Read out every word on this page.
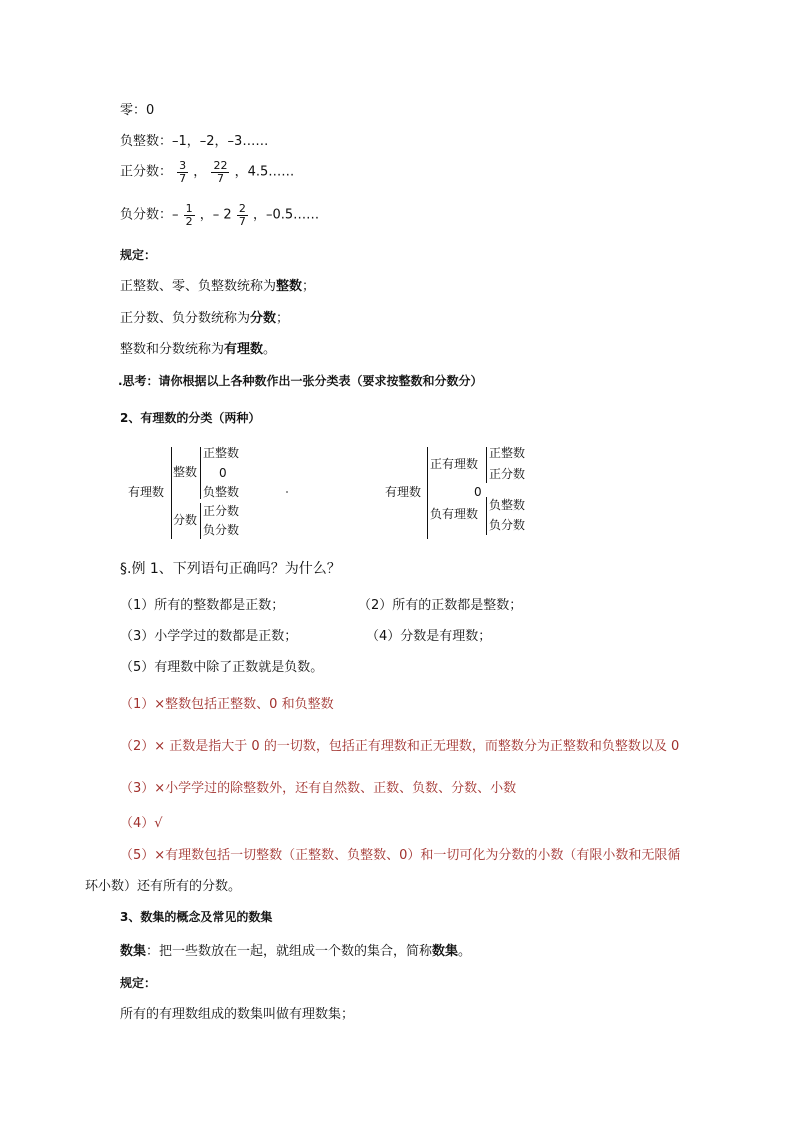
零：0
负整数：–1，–2，–3……
正分数： $\frac{3}{7}$ ， $\frac{22}{7}$ ，4.5……
负分数：– $\frac{1}{2}$ ，– $2 \frac{2}{7}$ ，–0.5……
规定：
正整数、零、负整数统称为整数；
正分数、负分数统称为分数；
整数和分数统称为有理数。
.思考：请你根据以上各种数作出一张分类表（要求按整数和分数分）
2、有理数的分类（两种）
有理数
整数
正整数
0
负整数
分数
正分数
负分数
有理数
正有理数
正整数
正分数
0
负有理数
负整数
负分数
§.例 1、下列语句正确吗？为什么？
（1）所有的整数都是正数；	（2）所有的正数都是整数；
（3）小学学过的数都是正数；	（4）分数是有理数；
（5）有理数中除了正数就是负数。
（1）×整数包括正整数、0 和负整数
（2）× 正数是指大于 0 的一切数，包括正有理数和正无理数，而整数分为正整数和负整数以及 0
（3）×小学学过的除整数外，还有自然数、正数、负数、分数、小数
（4）√
（5）×有理数包括一切整数（正整数、负整数、0）和一切可化为分数的小数（有限小数和无限循
环小数）还有所有的分数。
3、数集的概念及常见的数集
数集：把一些数放在一起，就组成一个数的集合，简称数集。
规定：
所有的有理数组成的数集叫做有理数集；
